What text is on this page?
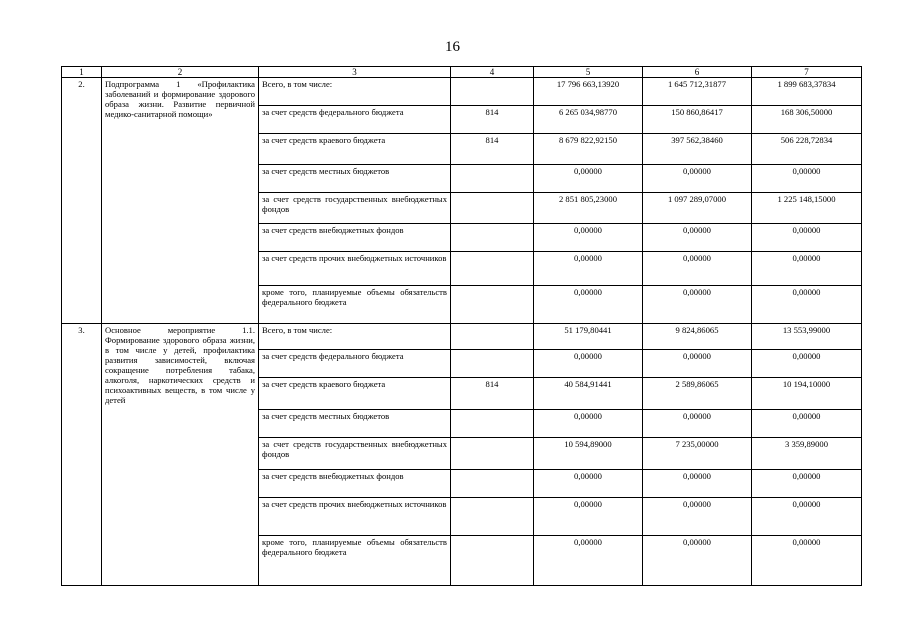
16
1	2	3	4	5	6	7
2.	Подпрограмма 1 «Профилактика заболеваний и формирование здорового образа жизни. Развитие первичной медико-санитарной помощи»	Всего, в том числе:		17 796 663,13920	1 645 712,31877	1 899 683,37834
		за счет средств федерального бюджета	814	6 265 034,98770	150 860,86417	168 306,50000
		за счет средств краевого бюджета	814	8 679 822,92150	397 562,38460	506 228,72834
		за счет средств местных бюджетов		0,00000	0,00000	0,00000
		за счет средств государственных внебюджетных фондов		2 851 805,23000	1 097 289,07000	1 225 148,15000
		за счет средств внебюджетных фондов		0,00000	0,00000	0,00000
		за счет средств прочих внебюджетных источников		0,00000	0,00000	0,00000
		кроме того, планируемые объемы обязательств федерального бюджета		0,00000	0,00000	0,00000
3.	Основное мероприятие 1.1. Формирование здорового образа жизни, в том числе у детей, профилактика развития зависимостей, включая сокращение потребления табака, алкоголя, наркотических средств и психоактивных веществ, в том числе у детей	Всего, в том числе:		51 179,80441	9 824,86065	13 553,99000
		за счет средств федерального бюджета		0,00000	0,00000	0,00000
		за счет средств краевого бюджета	814	40 584,91441	2 589,86065	10 194,10000
		за счет средств местных бюджетов		0,00000	0,00000	0,00000
		за счет средств государственных внебюджетных фондов		10 594,89000	7 235,00000	3 359,89000
		за счет средств внебюджетных фондов		0,00000	0,00000	0,00000
		за счет средств прочих внебюджетных источников		0,00000	0,00000	0,00000
		кроме того, планируемые объемы обязательств федерального бюджета		0,00000	0,00000	0,00000
